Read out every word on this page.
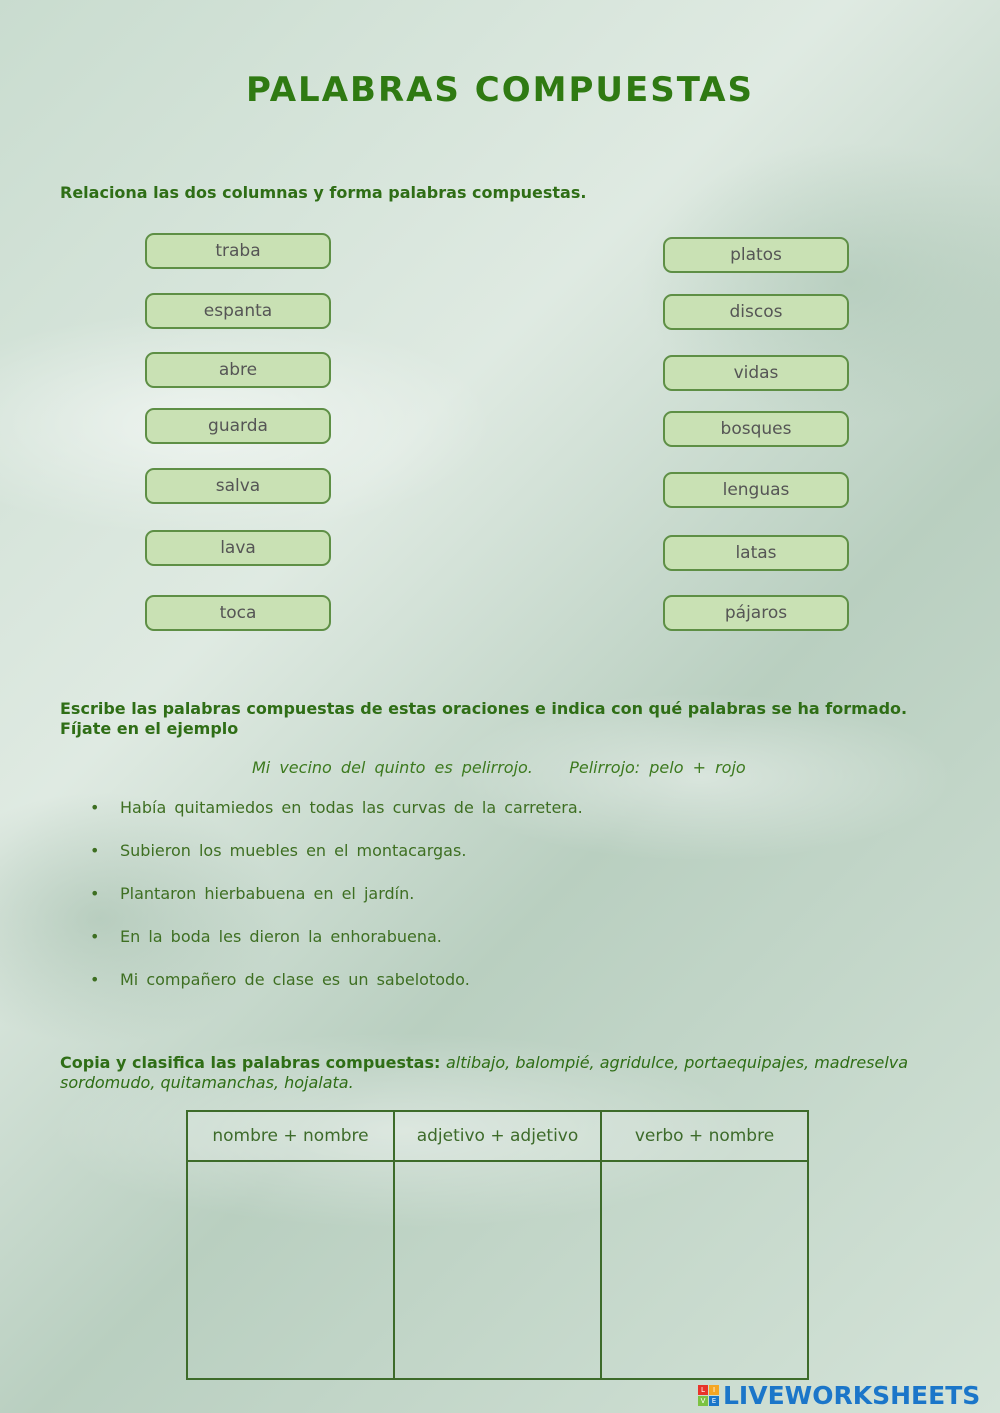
PALABRAS COMPUESTAS
Relaciona las dos columnas y forma palabras compuestas.
traba
espanta
abre
guarda
salva
lava
toca
platos
discos
vidas
bosques
lenguas
latas
pájaros
Escribe las palabras compuestas de estas oraciones e indica con qué palabras se ha formado. Fíjate en el ejemplo
Mi vecino del quinto es pelirrojo. Pelirrojo: pelo + rojo
• Había quitamiedos en todas las curvas de la carretera.
• Subieron los muebles en el montacargas.
• Plantaron hierbabuena en el jardín.
• En la boda les dieron la enhorabuena.
• Mi compañero de clase es un sabelotodo.
Copia y clasifica las palabras compuestas: altibajo, balompié, agridulce, portaequipajes, madreselva sordomudo, quitamanchas, hojalata.
nombre + nombre	adjetivo + adjetivo	verbo + nombre

L	I
V E LIVEWORKSHEETS
